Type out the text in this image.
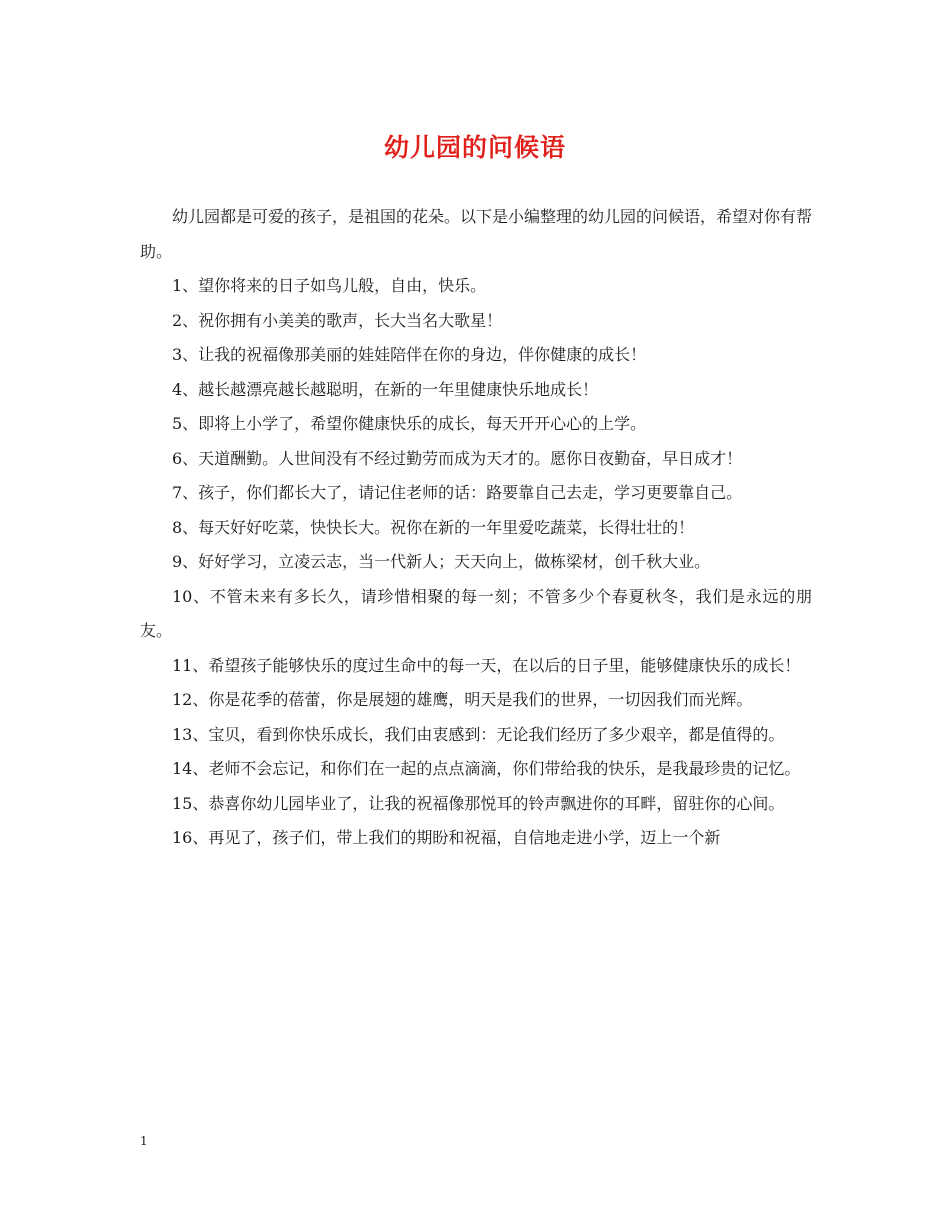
幼儿园的问候语

幼儿园都是可爱的孩子，是祖国的花朵。以下是小编整理的幼儿园的问候语，希望对你有帮助。

1、望你将来的日子如鸟儿般，自由，快乐。

2、祝你拥有小美美的歌声，长大当名大歌星！

3、让我的祝福像那美丽的娃娃陪伴在你的身边，伴你健康的成长！

4、越长越漂亮越长越聪明，在新的一年里健康快乐地成长！

5、即将上小学了，希望你健康快乐的成长，每天开开心心的上学。

6、天道酬勤。人世间没有不经过勤劳而成为天才的。愿你日夜勤奋，早日成才！

7、孩子，你们都长大了，请记住老师的话：路要靠自己去走，学习更要靠自己。

8、每天好好吃菜，快快长大。祝你在新的一年里爱吃蔬菜，长得壮壮的！

9、好好学习，立凌云志，当一代新人；天天向上，做栋梁材，创千秋大业。

10、不管未来有多长久，请珍惜相聚的每一刻；不管多少个春夏秋冬，我们是永远的朋友。

11、希望孩子能够快乐的度过生命中的每一天，在以后的日子里，能够健康快乐的成长！

12、你是花季的蓓蕾，你是展翅的雄鹰，明天是我们的世界，一切因我们而光辉。

13、宝贝，看到你快乐成长，我们由衷感到：无论我们经历了多少艰辛，都是值得的。

14、老师不会忘记，和你们在一起的点点滴滴，你们带给我的快乐，是我最珍贵的记忆。

15、恭喜你幼儿园毕业了，让我的祝福像那悦耳的铃声飘进你的耳畔，留驻你的心间。

16、再见了，孩子们，带上我们的期盼和祝福，自信地走进小学，迈上一个新

1
